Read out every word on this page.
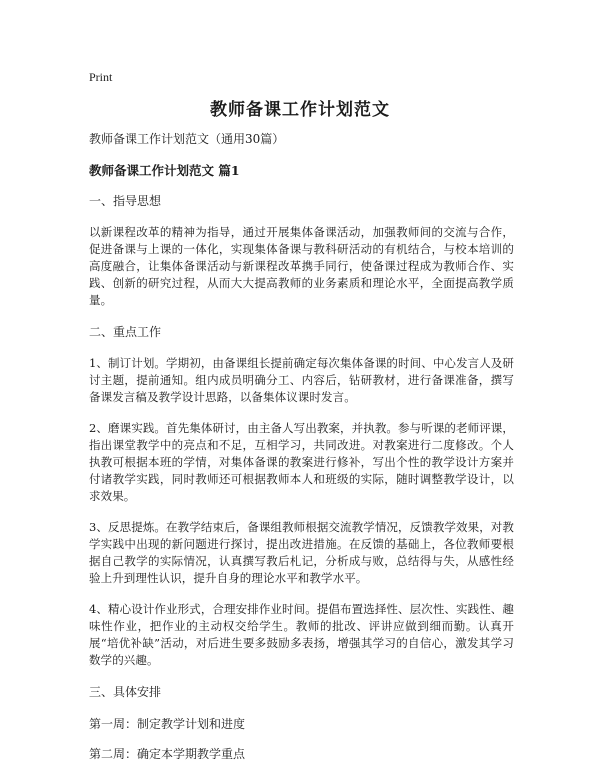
Print
教师备课工作计划范文

教师备课工作计划范文（通用30篇）

教师备课工作计划范文 篇1

一、指导思想

以新课程改革的精神为指导，通过开展集体备课活动，加强教师间的交流与合作，促进备课与上课的一体化，实现集体备课与教科研活动的有机结合，与校本培训的高度融合，让集体备课活动与新课程改革携手同行，使备课过程成为教师合作、实践、创新的研究过程，从而大大提高教师的业务素质和理论水平，全面提高教学质量。

二、重点工作

1、制订计划。学期初，由备课组长提前确定每次集体备课的时间、中心发言人及研讨主题，提前通知。组内成员明确分工、内容后，钻研教材，进行备课准备，撰写备课发言稿及教学设计思路，以备集体议课时发言。

2、磨课实践。首先集体研讨，由主备人写出教案，并执教。参与听课的老师评课，指出课堂教学中的亮点和不足，互相学习，共同改进。对教案进行二度修改。个人执教可根据本班的学情，对集体备课的教案进行修补，写出个性的教学设计方案并付诸教学实践，同时教师还可根据教师本人和班级的实际，随时调整教学设计，以求效果。

3、反思提炼。在教学结束后，备课组教师根据交流教学情况，反馈教学效果，对教学实践中出现的新问题进行探讨，提出改进措施。在反馈的基础上，各位教师要根据自己教学的实际情况，认真撰写教后札记，分析成与败，总结得与失，从感性经验上升到理性认识，提升自身的理论水平和教学水平。

4、精心设计作业形式，合理安排作业时间。提倡布置选择性、层次性、实践性、趣味性作业，把作业的主动权交给学生。教师的批改、评讲应做到细而勤。认真开展“培优补缺”活动，对后进生要多鼓励多表扬，增强其学习的自信心，激发其学习数学的兴趣。

三、具体安排

第一周：制定教学计划和进度

第二周：确定本学期教学重点
